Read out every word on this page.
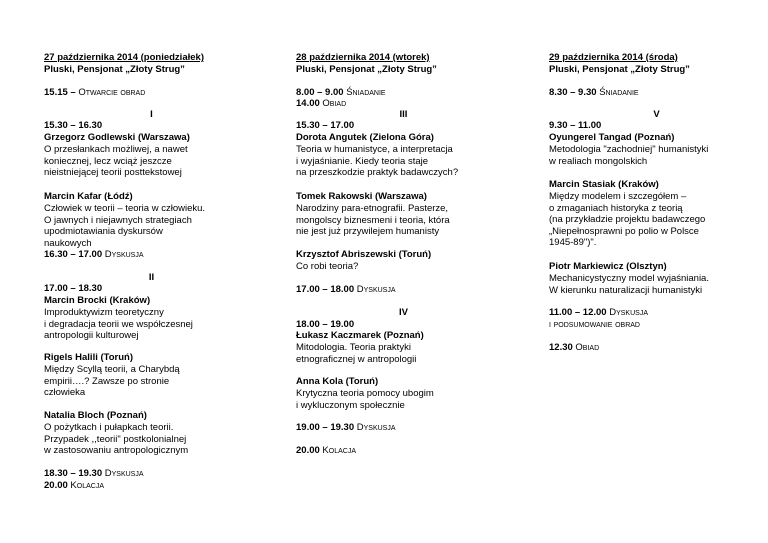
27 października 2014 (poniedziałek)
Pluski, Pensjonat „Złoty Strug”
15.15 – Otwarcie obrad
I
15.30 – 16.30
Grzegorz Godlewski (Warszawa)
O przesłankach możliwej, a nawet
koniecznej, lecz wciąż jeszcze
nieistniejącej teorii posttekstowej
Marcin Kafar (Łódź)
Człowiek w teorii – teoria w człowieku.
O jawnych i niejawnych strategiach
upodmiotawiania dyskursów
naukowych
16.30 – 17.00 Dyskusja
II
17.00 – 18.30
Marcin Brocki (Kraków)
Improduktywizm teoretyczny
i degradacja teorii we współczesnej
antropologii kulturowej
Rigels Halili (Toruń)
Między Scyllą teorii, a Charybdą
empirii….? Zawsze po stronie
człowieka
Natalia Bloch (Poznań)
O pożytkach i pułapkach teorii.
Przypadek ,,teorii" postkolonialnej
w zastosowaniu antropologicznym
18.30 – 19.30 Dyskusja
20.00 Kolacja
28 października 2014 (wtorek)
Pluski, Pensjonat „Złoty Strug”
8.00 – 9.00 Śniadanie
14.00 Obiad
III
15.30 – 17.00
Dorota Angutek (Zielona Góra)
Teoria w humanistyce, a interpretacja
i wyjaśnianie. Kiedy teoria staje
na przeszkodzie praktyk badawczych?
Tomek Rakowski (Warszawa)
Narodziny para-etnografii. Pasterze,
mongolscy biznesmeni i teoria, która
nie jest już przywilejem humanisty
Krzysztof Abriszewski (Toruń)
Co robi teoria?
17.00 – 18.00 Dyskusja
IV
18.00 – 19.00
Łukasz Kaczmarek (Poznań)
Mitodologia. Teoria praktyki
etnograficznej w antropologii
Anna Kola (Toruń)
Krytyczna teoria pomocy ubogim
i wykluczonym społecznie
19.00 – 19.30 Dyskusja
20.00 Kolacja
29 października 2014 (środa)
Pluski, Pensjonat „Złoty Strug”
8.30 – 9.30 Śniadanie
V
9.30 – 11.00
Oyungerel Tangad (Poznań)
Metodologia "zachodniej" humanistyki
w realiach mongolskich
Marcin Stasiak (Kraków)
Między modelem i szczegółem –
o zmaganiach historyka z teorią
(na przykładzie projektu badawczego
„Niepełnosprawni po polio w Polsce
1945-89")".
Piotr Markiewicz (Olsztyn)
Mechanicystyczny model wyjaśniania.
W kierunku naturalizacji humanistyki
11.00 – 12.00 Dyskusja
i podsumowanie obrad
12.30 Obiad
